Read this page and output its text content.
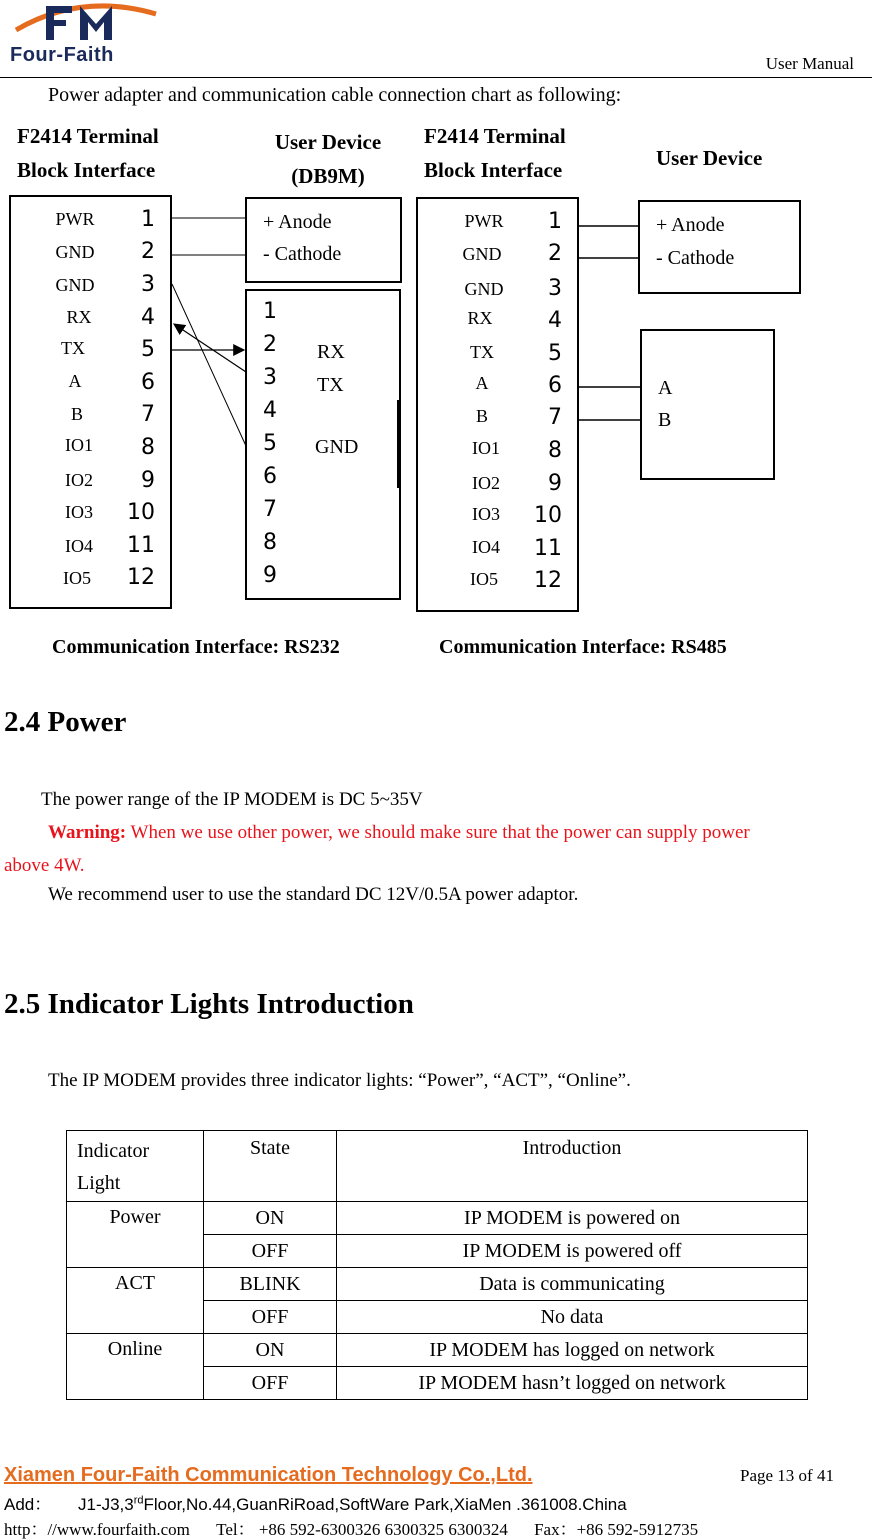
Four-Faith	User Manual
Power adapter and communication cable connection chart as following:
F2414 Terminal
Block Interface
User Device
(DB9M)
F2414 Terminal
Block Interface	User Device
PWR	1
GND	2
GND	3
RX	4
TX	5
A	6
B	7
IO1	8
IO2	9
IO3	10
IO4	11
IO5	12
+ Anode
- Cathode
1
2
3
4
5
6
7
8
9
RX
TX
GND
PWR	1
GND	2
GND	3
RX	4
TX	5
A	6
B	7
IO1	8
IO2	9
IO3	10
IO4	11
IO5	12
+ Anode
- Cathode
A
B
Communication Interface: RS232	Communication Interface: RS485
2.4 Power
The power range of the IP MODEM is DC 5~35V
Warning: When we use other power, we should make sure that the power can supply power
above 4W.
We recommend user to use the standard DC 12V/0.5A power adaptor.
2.5 Indicator Lights Introduction
The IP MODEM provides three indicator lights: “Power”, “ACT”, “Online”.
Indicator
Light	State	Introduction
Power	ON	IP MODEM is powered on
	OFF	IP MODEM is powered off
ACT	BLINK	Data is communicating
	OFF	No data
Online	ON	IP MODEM has logged on network
	OFF	IP MODEM hasn’t logged on network
Xiamen Four-Faith Communication Technology Co.,Ltd.	Page 13 of 41
Add： J1-J3,3rdFloor,No.44,GuanRiRoad,SoftWare Park,XiaMen .361008.China
http：//www.fourfaith.com Tel： +86 592-6300326 6300325 6300324 Fax：+86 592-5912735
